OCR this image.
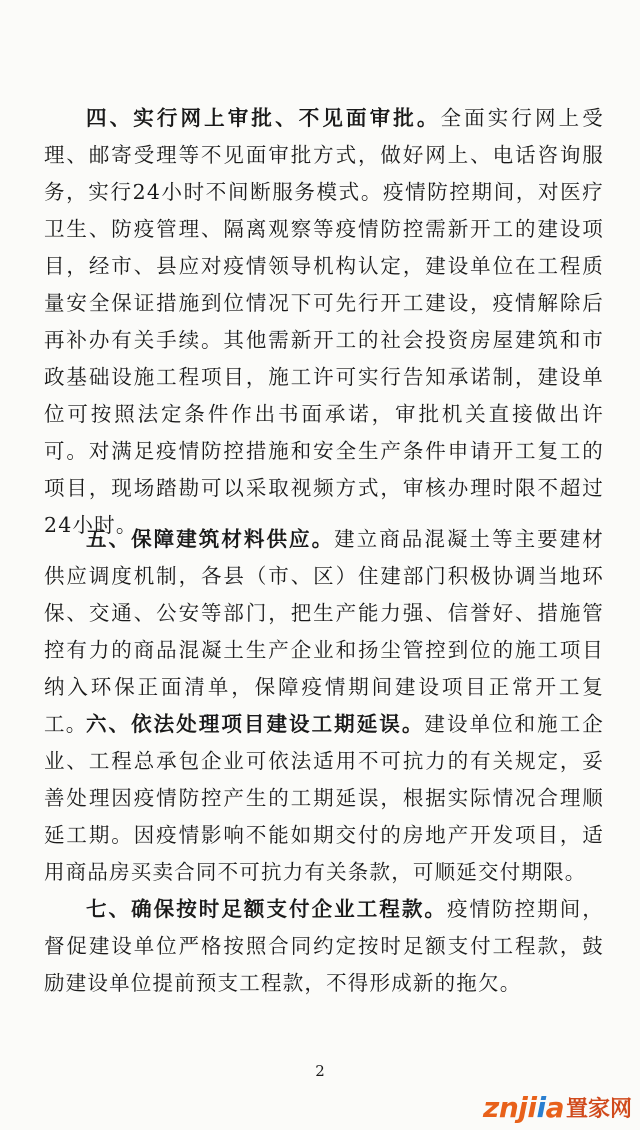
四、实行网上审批、不见面审批。全面实行网上受理、邮寄受理等不见面审批方式，做好网上、电话咨询服务，实行24小时不间断服务模式。疫情防控期间，对医疗卫生、防疫管理、隔离观察等疫情防控需新开工的建设项目，经市、县应对疫情领导机构认定，建设单位在工程质量安全保证措施到位情况下可先行开工建设，疫情解除后再补办有关手续。其他需新开工的社会投资房屋建筑和市政基础设施工程项目，施工许可实行告知承诺制，建设单位可按照法定条件作出书面承诺，审批机关直接做出许可。对满足疫情防控措施和安全生产条件申请开工复工的项目，现场踏勘可以采取视频方式，审核办理时限不超过24小时。

五、保障建筑材料供应。建立商品混凝土等主要建材供应调度机制，各县（市、区）住建部门积极协调当地环保、交通、公安等部门，把生产能力强、信誉好、措施管控有力的商品混凝土生产企业和扬尘管控到位的施工项目纳入环保正面清单，保障疫情期间建设项目正常开工复工。

六、依法处理项目建设工期延误。建设单位和施工企业、工程总承包企业可依法适用不可抗力的有关规定，妥善处理因疫情防控产生的工期延误，根据实际情况合理顺延工期。因疫情影响不能如期交付的房地产开发项目，适用商品房买卖合同不可抗力有关条款，可顺延交付期限。

七、确保按时足额支付企业工程款。疫情防控期间，督促建设单位严格按照合同约定按时足额支付工程款，鼓励建设单位提前预支工程款，不得形成新的拖欠。

2
znjiia 置家网
